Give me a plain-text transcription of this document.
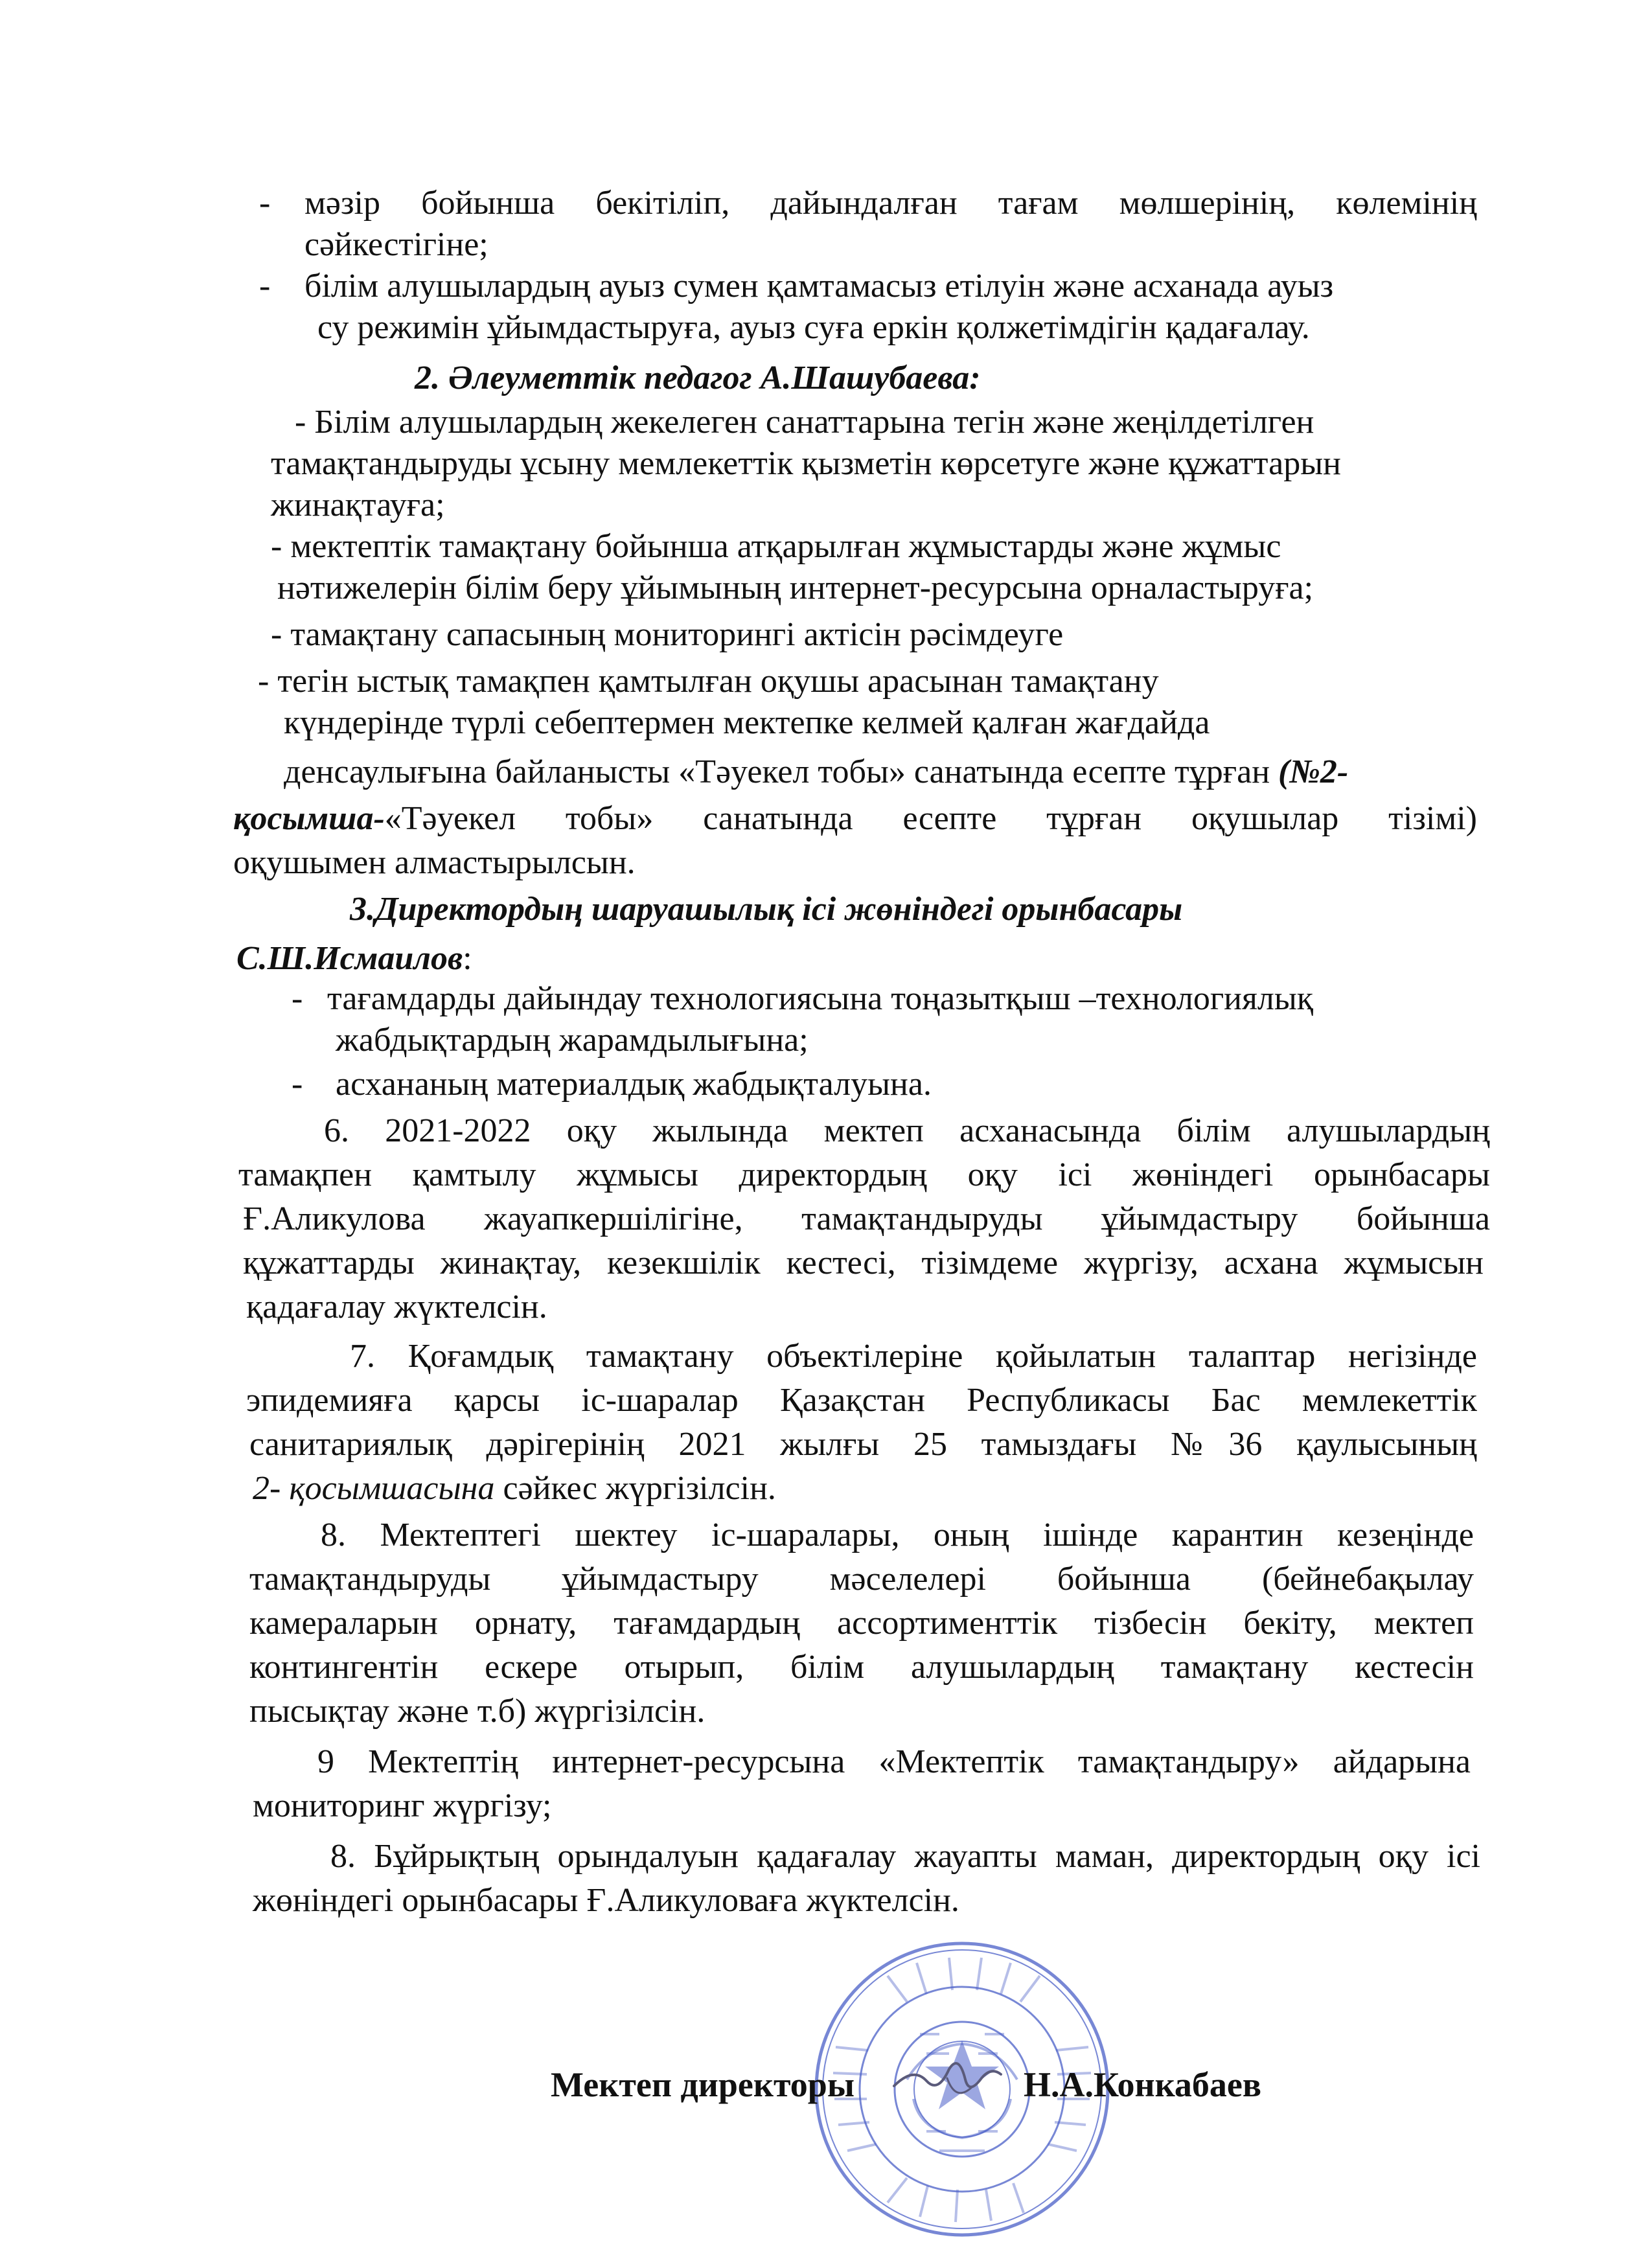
- мәзір бойынша бекітіліп, дайындалған тағам мөлшерінің, көлемінің
сәйкестігіне;
- білім алушылардың ауыз сумен қамтамасыз етілуін және асханада ауыз
су режимін ұйымдастыруға, ауыз суға еркін қолжетімдігін қадағалау.
2. Әлеуметтік педагог А.Шашубаева:
- Білім алушылардың жекелеген санаттарына тегін және жеңілдетілген
тамақтандыруды ұсыну мемлекеттік қызметін көрсетуге және құжаттарын
жинақтауға;
- мектептік тамақтану бойынша атқарылған жұмыстарды және жұмыс
нәтижелерін білім беру ұйымының интернет-ресурсына орналастыруға;
- тамақтану сапасының мониторингі актісін рәсімдеуге
- тегін ыстық тамақпен қамтылған оқушы арасынан тамақтану
күндерінде түрлі себептермен мектепке келмей қалған жағдайда
денсаулығына байланысты «Тәуекел тобы» санатында есепте тұрған (№2-
қосымша-«Тәуекел тобы» санатында есепте тұрған оқушылар тізімі)
оқушымен алмастырылсын.
3.Директордың шаруашылық ісі жөніндегі орынбасары
С.Ш.Исмаилов:
- тағамдарды дайындау технологиясына тоңазытқыш –технологиялық
жабдықтардың жарамдылығына;
- асхананың материалдық жабдықталуына.
6. 2021-2022 оқу жылында мектеп асханасында білім алушылардың
тамақпен қамтылу жұмысы директордың оқу ісі жөніндегі орынбасары
Ғ.Аликулова жауапкершілігіне, тамақтандыруды ұйымдастыру бойынша
құжаттарды жинақтау, кезекшілік кестесі, тізімдеме жүргізу, асхана жұмысын
қадағалау жүктелсін.
7. Қоғамдық тамақтану объектілеріне қойылатын талаптар негізінде
эпидемияға қарсы іс-шаралар Қазақстан Республикасы Бас мемлекеттік
санитариялық дәрігерінің 2021 жылғы 25 тамыздағы №36 қаулысының
2- қосымшасына сәйкес жүргізілсін.
8. Мектептегі шектеу іс-шаралары, оның ішінде карантин кезеңінде
тамақтандыруды ұйымдастыру мәселелері бойынша (бейнебақылау
камераларын орнату, тағамдардың ассортименттік тізбесін бекіту, мектеп
контингентін ескере отырып, білім алушылардың тамақтану кестесін
пысықтау және т.б) жүргізілсін.
9 Мектептің интернет-ресурсына «Мектептік тамақтандыру» айдарына
мониторинг жүргізу;
8. Бұйрықтың орындалуын қадағалау жауапты маман, директордың оқу ісі
жөніндегі орынбасары Ғ.Аликуловаға жүктелсін.
Мектеп директоры	Н.А.Конкабаев
